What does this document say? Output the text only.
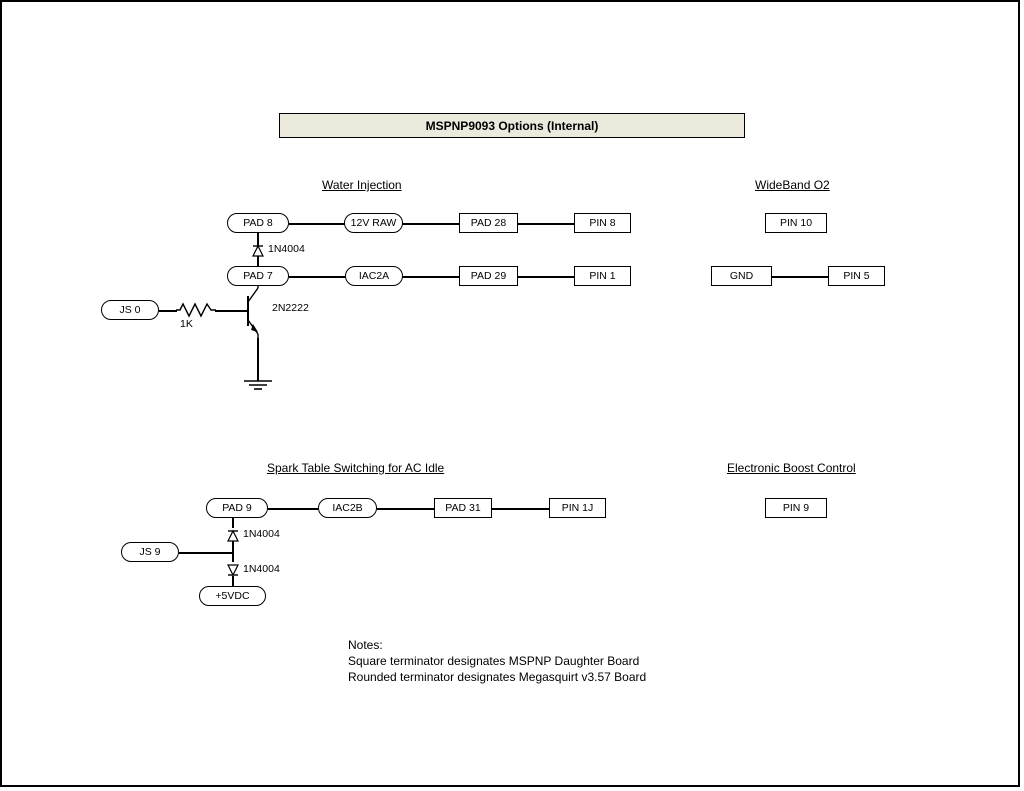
MSPNP9093 Options (Internal)
Water Injection	WideBand O2
Spark Table Switching for AC Idle	Electronic Boost Control
PAD 8	12V RAW	PAD 28	PIN 8
PAD 7	IAC2A	PAD 29	PIN 1
1N4004
JS 0
1K
2N2222
PIN 10
GND	PIN 5
PAD 9	IAC2B	PAD 31	PIN 1J
1N4004
1N4004
JS 9
+5VDC
PIN 9
Notes:
Square terminator designates MSPNP Daughter Board
Rounded terminator designates Megasquirt v3.57 Board
